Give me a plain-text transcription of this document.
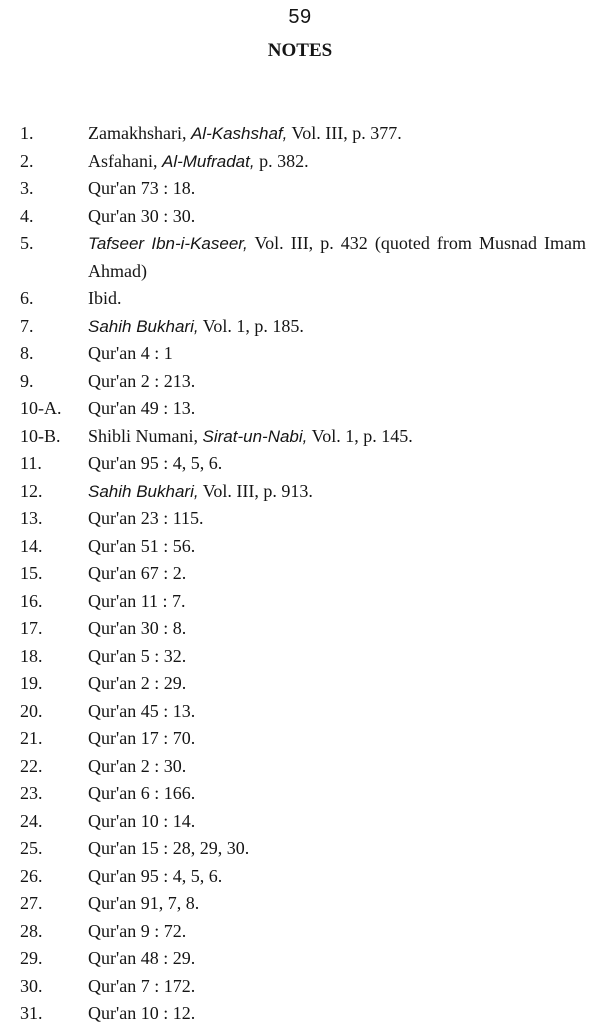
59
NOTES
1.	Zamakhshari, Al-Kashshaf, Vol. III, p. 377.
2.	Asfahani, Al-Mufradat, p. 382.
3.	Qur'an 73 : 18.
4.	Qur'an 30 : 30.
5.	Tafseer Ibn-i-Kaseer, Vol. III, p. 432 (quoted from Musnad Imam Ahmad)
6.	Ibid.
7.	Sahih Bukhari, Vol. 1, p. 185.
8.	Qur'an 4 : 1
9.	Qur'an 2 : 213.
10-A.	Qur'an 49 : 13.
10-B.	Shibli Numani, Sirat-un-Nabi, Vol. 1, p. 145.
11.	Qur'an 95 : 4, 5, 6.
12.	Sahih Bukhari, Vol. III, p. 913.
13.	Qur'an 23 : 115.
14.	Qur'an 51 : 56.
15.	Qur'an 67 : 2.
16.	Qur'an 11 : 7.
17.	Qur'an 30 : 8.
18.	Qur'an 5 : 32.
19.	Qur'an 2 : 29.
20.	Qur'an 45 : 13.
21.	Qur'an 17 : 70.
22.	Qur'an 2 : 30.
23.	Qur'an 6 : 166.
24.	Qur'an 10 : 14.
25.	Qur'an 15 : 28, 29, 30.
26.	Qur'an 95 : 4, 5, 6.
27.	Qur'an 91, 7, 8.
28.	Qur'an 9 : 72.
29.	Qur'an 48 : 29.
30.	Qur'an 7 : 172.
31.	Qur'an 10 : 12.
